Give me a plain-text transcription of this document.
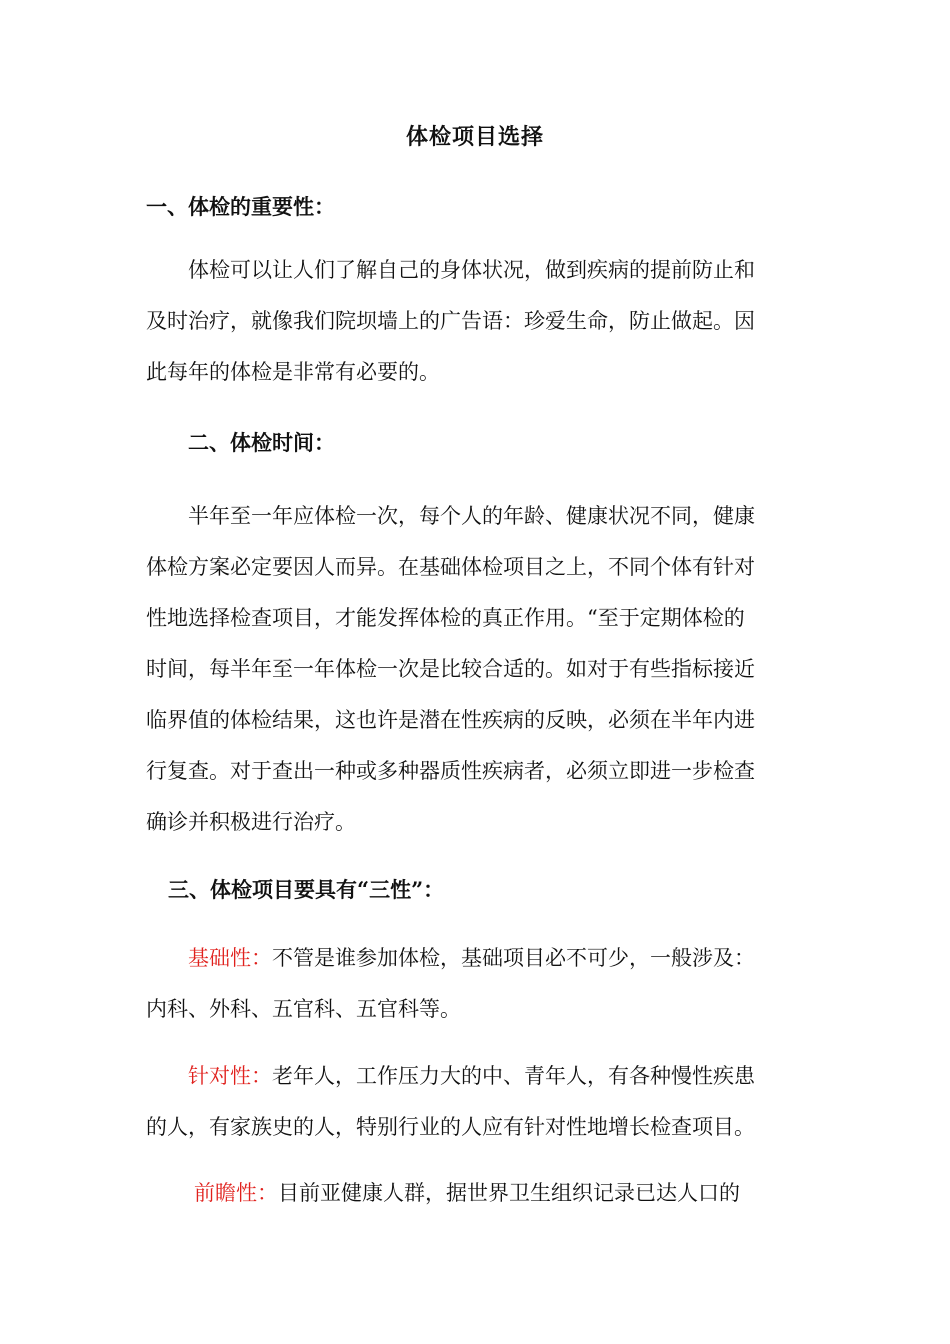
体检项目选择
一、体检的重要性：
体检可以让人们了解自己的身体状况，做到疾病的提前防止和
及时治疗，就像我们院坝墙上的广告语：珍爱生命，防止做起。因
此每年的体检是非常有必要的。
二、体检时间：
半年至一年应体检一次，每个人的年龄、健康状况不同，健康
体检方案必定要因人而异。在基础体检项目之上，不同个体有针对
性地选择检查项目，才能发挥体检的真正作用。“至于定期体检的
时间，每半年至一年体检一次是比较合适的。如对于有些指标接近
临界值的体检结果，这也许是潜在性疾病的反映，必须在半年内进
行复查。对于查出一种或多种器质性疾病者，必须立即进一步检查
确诊并积极进行治疗。
三、体检项目要具有“三性”：
基础性：不管是谁参加体检，基础项目必不可少，一般涉及：
内科、外科、五官科、五官科等。
针对性：老年人，工作压力大的中、青年人，有各种慢性疾患
的人，有家族史的人，特别行业的人应有针对性地增长检查项目。
前瞻性：目前亚健康人群，据世界卫生组织记录已达人口的
